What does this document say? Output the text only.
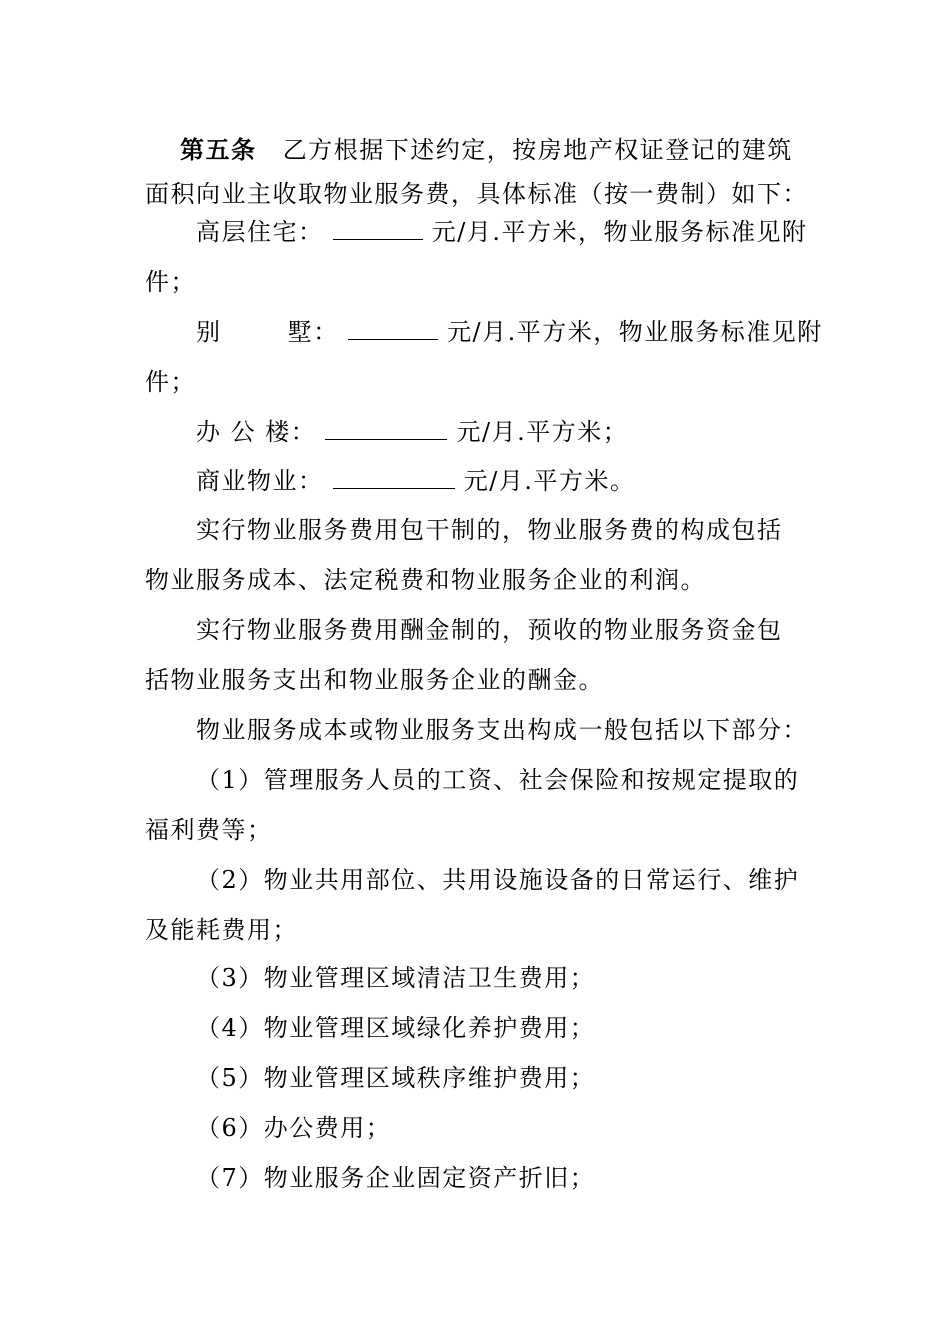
第五条 乙方根据下述约定，按房地产权证登记的建筑
面积向业主收取物业服务费，具体标准（按一费制）如下：
高层住宅：	元/月.平方米，物业服务标准见附
件；
别	墅：	元/月.平方米，物业服务标准见附
件；
办 公 楼：	元/月.平方米；
商业物业：	元/月.平方米。
实行物业服务费用包干制的，物业服务费的构成包括
物业服务成本、法定税费和物业服务企业的利润。
实行物业服务费用酬金制的，预收的物业服务资金包
括物业服务支出和物业服务企业的酬金。
物业服务成本或物业服务支出构成一般包括以下部分：
（1）管理服务人员的工资、社会保险和按规定提取的
福利费等；
（2）物业共用部位、共用设施设备的日常运行、维护
及能耗费用；
（3）物业管理区域清洁卫生费用；
（4）物业管理区域绿化养护费用；
（5）物业管理区域秩序维护费用；
（6）办公费用；
（7）物业服务企业固定资产折旧；
